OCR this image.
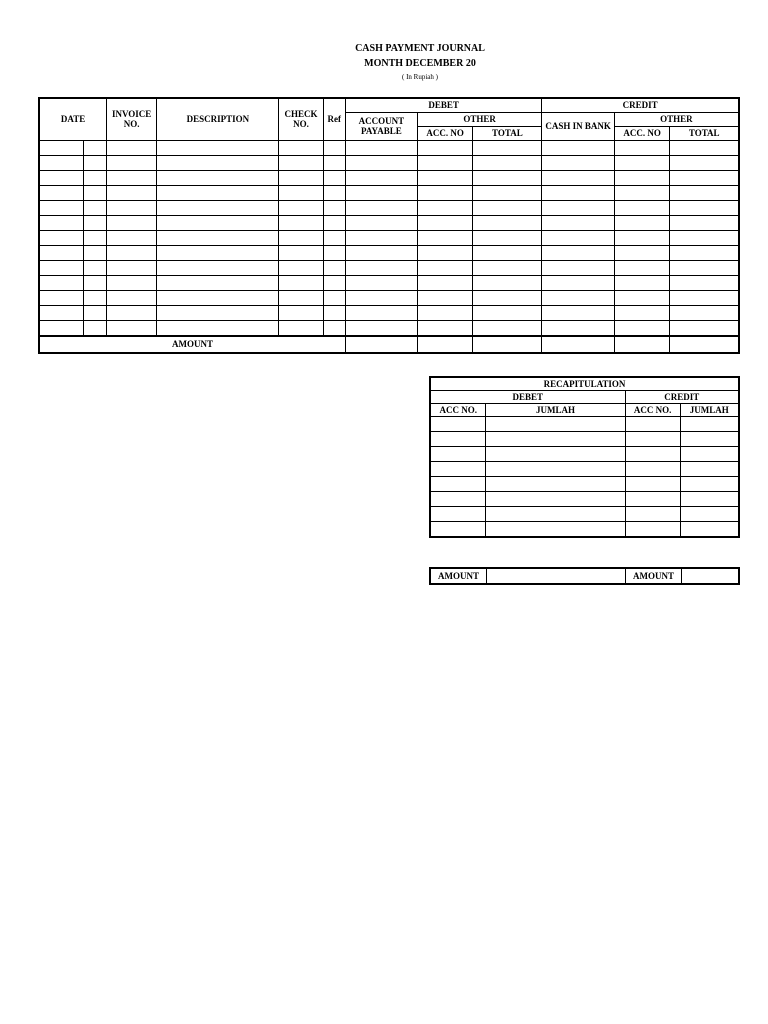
CASH PAYMENT JOURNAL
MONTH DECEMBER 20
( In Rupiah )
DATE		INVOICE NO.	DESCRIPTION	CHECK NO.	Ref	DEBET			CREDIT		
						ACCOUNT PAYABLE	OTHER		CASH IN BANK	OTHER	
							ACC. NO	TOTAL		ACC. NO	TOTAL

AMOUNT											
RECAPITULATION			
DEBET		CREDIT	
ACC NO.	JUMLAH	ACC NO.	JUMLAH

AMOUNT		AMOUNT	
